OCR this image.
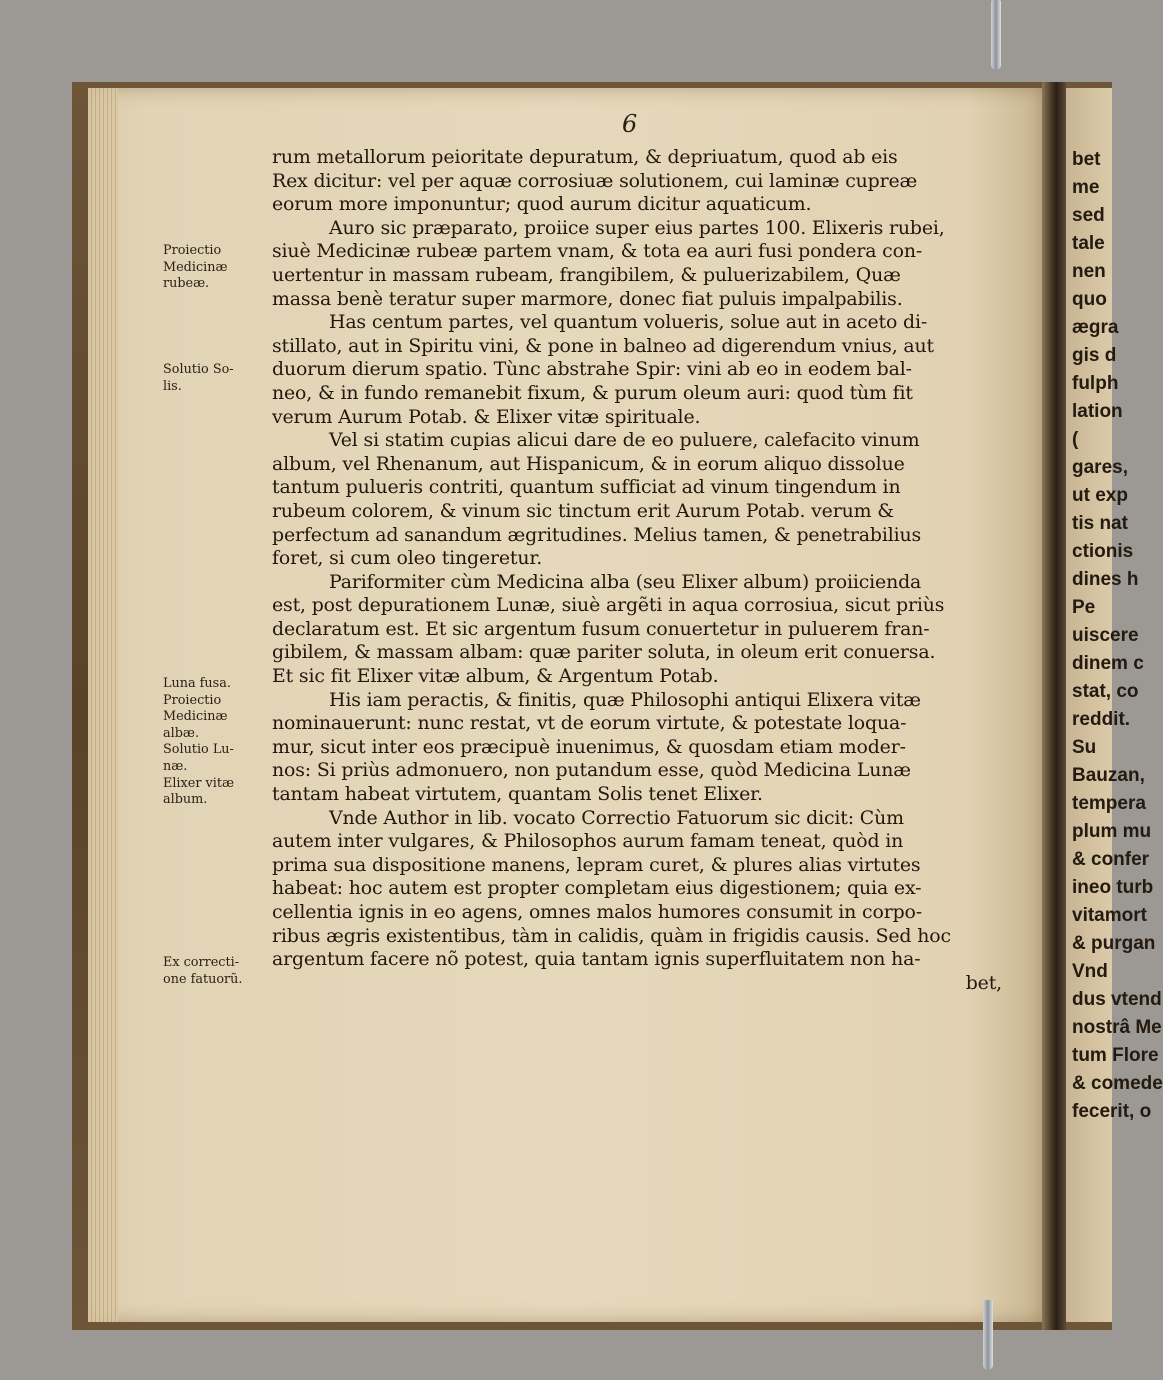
bet
me
sed
tale
nen
quo
ægra
gis d
fulph
lation
(
gares,
ut exp
tis nat
ctionis
dines h
Pe
uiscere
dinem c
stat, co
reddit.
Su
Bauzan,
tempera
plum mu
& confer
ineo turb
vitamort
& purgan
Vnd
dus vtend
nostrâ Me
tum Flore
& comede
fecerit, o
6
Proiectio
Medicinæ
rubeæ.
Solutio So-
lis.
Luna fusa.
Proiectio
Medicinæ
albæ.
Solutio Lu-
næ.
Elixer vitæ
album.
Ex correcti-
one fatuorũ.
rum metallorum peioritate depuratum, & depriuatum, quod ab eis
Rex dicitur: vel per aquæ corrosiuæ solutionem, cui laminæ cupreæ
eorum more imponuntur; quod aurum dicitur aquaticum.
Auro sic præparato, proiice super eius partes 100. Elixeris rubei,
siuè Medicinæ rubeæ partem vnam, & tota ea auri fusi pondera con-
uertentur in massam rubeam, frangibilem, & puluerizabilem, Quæ
massa benè teratur super marmore, donec fiat puluis impalpabilis.
Has centum partes, vel quantum volueris, solue aut in aceto di-
stillato, aut in Spiritu vini, & pone in balneo ad digerendum vnius, aut
duorum dierum spatio. Tùnc abstrahe Spir: vini ab eo in eodem bal-
neo, & in fundo remanebit fixum, & purum oleum auri: quod tùm fit
verum Aurum Potab. & Elixer vitæ spirituale.
Vel si statim cupias alicui dare de eo puluere, calefacito vinum
album, vel Rhenanum, aut Hispanicum, & in eorum aliquo dissolue
tantum pulueris contriti, quantum sufficiat ad vinum tingendum in
rubeum colorem, & vinum sic tinctum erit Aurum Potab. verum &
perfectum ad sanandum ægritudines. Melius tamen, & penetrabilius
foret, si cum oleo tingeretur.
Pariformiter cùm Medicina alba (seu Elixer album) proiicienda
est, post depurationem Lunæ, siuè argẽti in aqua corrosiua, sicut priùs
declaratum est. Et sic argentum fusum conuertetur in puluerem fran-
gibilem, & massam albam: quæ pariter soluta, in oleum erit conuersa.
Et sic fit Elixer vitæ album, & Argentum Potab.
His iam peractis, & finitis, quæ Philosophi antiqui Elixera vitæ
nominauerunt: nunc restat, vt de eorum virtute, & potestate loqua-
mur, sicut inter eos præcipuè inuenimus, & quosdam etiam moder-
nos: Si priùs admonuero, non putandum esse, quòd Medicina Lunæ
tantam habeat virtutem, quantam Solis tenet Elixer.
Vnde Author in lib. vocato Correctio Fatuorum sic dicit: Cùm
autem inter vulgares, & Philosophos aurum famam teneat, quòd in
prima sua dispositione manens, lepram curet, & plures alias virtutes
habeat: hoc autem est propter completam eius digestionem; quia ex-
cellentia ignis in eo agens, omnes malos humores consumit in corpo-
ribus ægris existentibus, tàm in calidis, quàm in frigidis causis. Sed hoc
argentum facere nõ potest, quia tantam ignis superfluitatem non ha-
bet,
